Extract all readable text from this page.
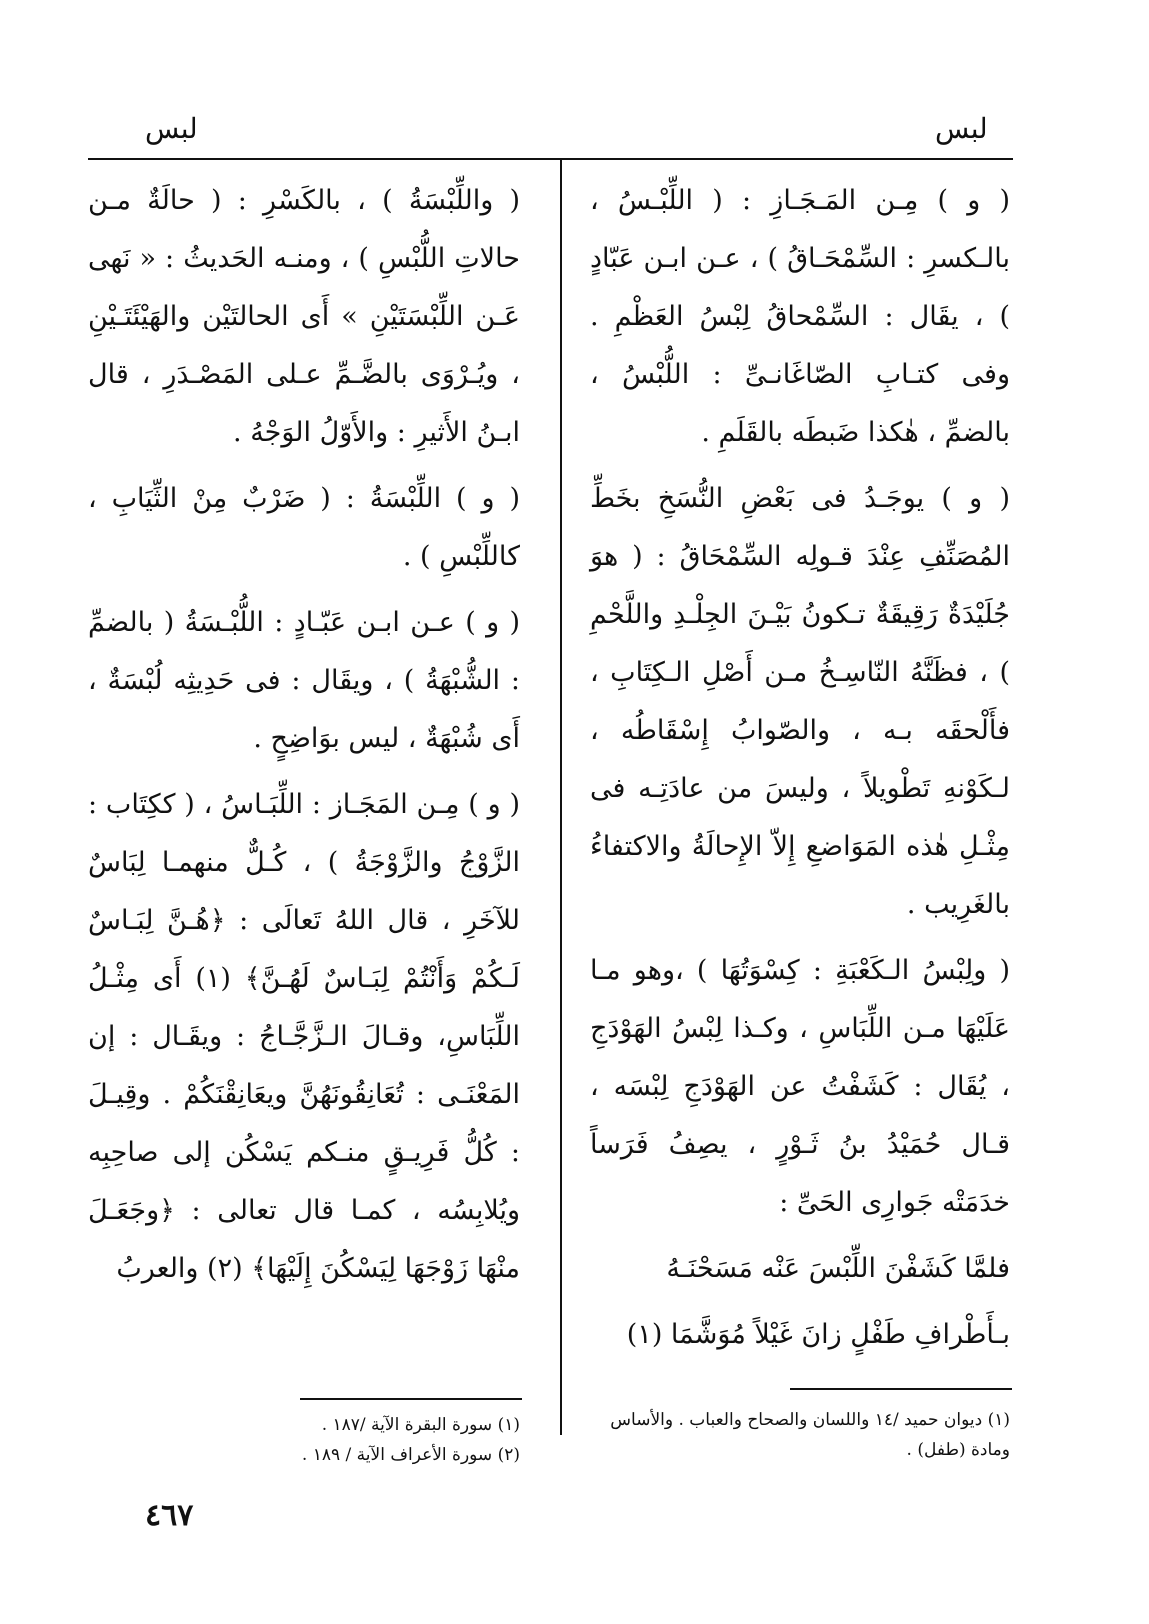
لبس
لبس

( و ) مِـن المَـجَـازِ : ( اللِّبْـسُ ، بالـكسرِ : السِّمْحَـاقُ ) ، عـن ابـن عَبّادٍ ) ، يقَال : السِّمْحاقُ لِبْسُ العَظْمِ . وفى كتـابِ الصّاغَانـىِّ : اللُّبْسُ ، بالضمِّ ، هٰكذا ضَبطَه بالقَلَمِ .

( و ) يوجَـدُ فى بَعْضِ النُّسَخِ بخَطِّ المُصَنِّفِ عِنْدَ قـولِه السِّمْحَاقُ : ( هوَ جُلَيْدَةٌ رَقِيقَةٌ تـكونُ بَيْـنَ الجِلْـدِ واللَّحْمِ ) ، فظَنَّهُ النّاسِـخُ مـن أَصْلِ الـكِتَابِ ، فأَلْحقَه بـه ، والصّوابُ إِسْقَاطُه ، لـكَوْنهِ تَطْويلاً ، وليسَ من عادَتِـه فى مِثْـلِ هٰذه المَوَاضعِ إِلاّ الإِحالَةُ والاكتفاءُ بالغَرِيب .

( ولِبْسُ الـكَعْبَةِ : كِسْوَتُهَا ) ،وهو مـا عَلَيْهَا مـن اللِّبَاسِ ، وكـذا لِبْسُ الهَوْدَجِ ، يُقَال : كَشَفْتُ عن الهَوْدَجِ لِبْسَه ، قـال حُمَيْدُ بنُ ثَـوْرٍ ، يصِفُ فَرَساً خدَمَتْه جَوارِى الحَىِّ :

فلمَّا كَشَفْنَ اللِّبْسَ عَنْه مَسَحْنَـهُ

بـأَطْرافِ طَفْلٍ زانَ غَيْلاً مُوَشَّمَا (١)

( واللِّبْسَةُ ) ، بالكَسْرِ : ( حالَةٌ مـن حالاتِ اللُّبْسِ ) ، ومنـه الحَديثُ : « نَهى عَـن اللِّبْسَتَيْنِ » أَى الحالتَيْن والهَيْئَتَـيْنِ ، ويُـرْوَى بالضَّـمِّ عـلى المَصْـدَرِ ، قال ابـنُ الأَثيرِ : والأَوّلُ الوَجْهُ .

( و ) اللِّبْسَةُ : ( ضَرْبٌ مِنْ الثِّيَابِ ، كاللِّبْسِ ) .

( و ) عـن ابـن عَبّـادٍ : اللُّبْـسَةُ ( بالضمِّ : الشُّبْهَةُ ) ، ويقَال : فى حَدِيثِه لُبْسَةٌ ، أَى شُبْهَةٌ ، ليس بوَاضِحٍ .

( و ) مِـن المَجَـاز : اللِّبَـاسُ ، ( ككِتَاب : الزَّوْجُ والزَّوْجَةُ ) ، كُـلٌّ منهمـا لِبَاسٌ للآخَرِ ، قال اللهُ تَعالَى : ﴿هُـنَّ لِبَـاسٌ لَـكُمْ وَأَنْتُمْ لِبَـاسٌ لَهُـنَّ﴾ (١) أَى مِثْـلُ اللِّبَاسِ، وقـالَ الـزَّجَّـاجُ : ويقَـال : إن المَعْنَـى : تُعَانِقُونَهُنَّ ويعَانِقْنَكُمْ . وقِيـلَ : كُلُّ فَرِيـقٍ منـكم يَسْكُن إلى صاحِبِه ويُلابِسُه ، كمـا قال تعالى : ﴿وجَعَـلَ منْهَا زَوْجَهَا لِيَسْكُنَ إِلَيْهَا﴾ (٢) والعربُ

(١) ديوان حميد /١٤ واللسان والصحاح والعباب . والأساس ومادة (طفل) .

(١) سورة البقرة الآية /١٨٧ .

(٢) سورة الأعراف الآية / ١٨٩ .

٤٦٧
